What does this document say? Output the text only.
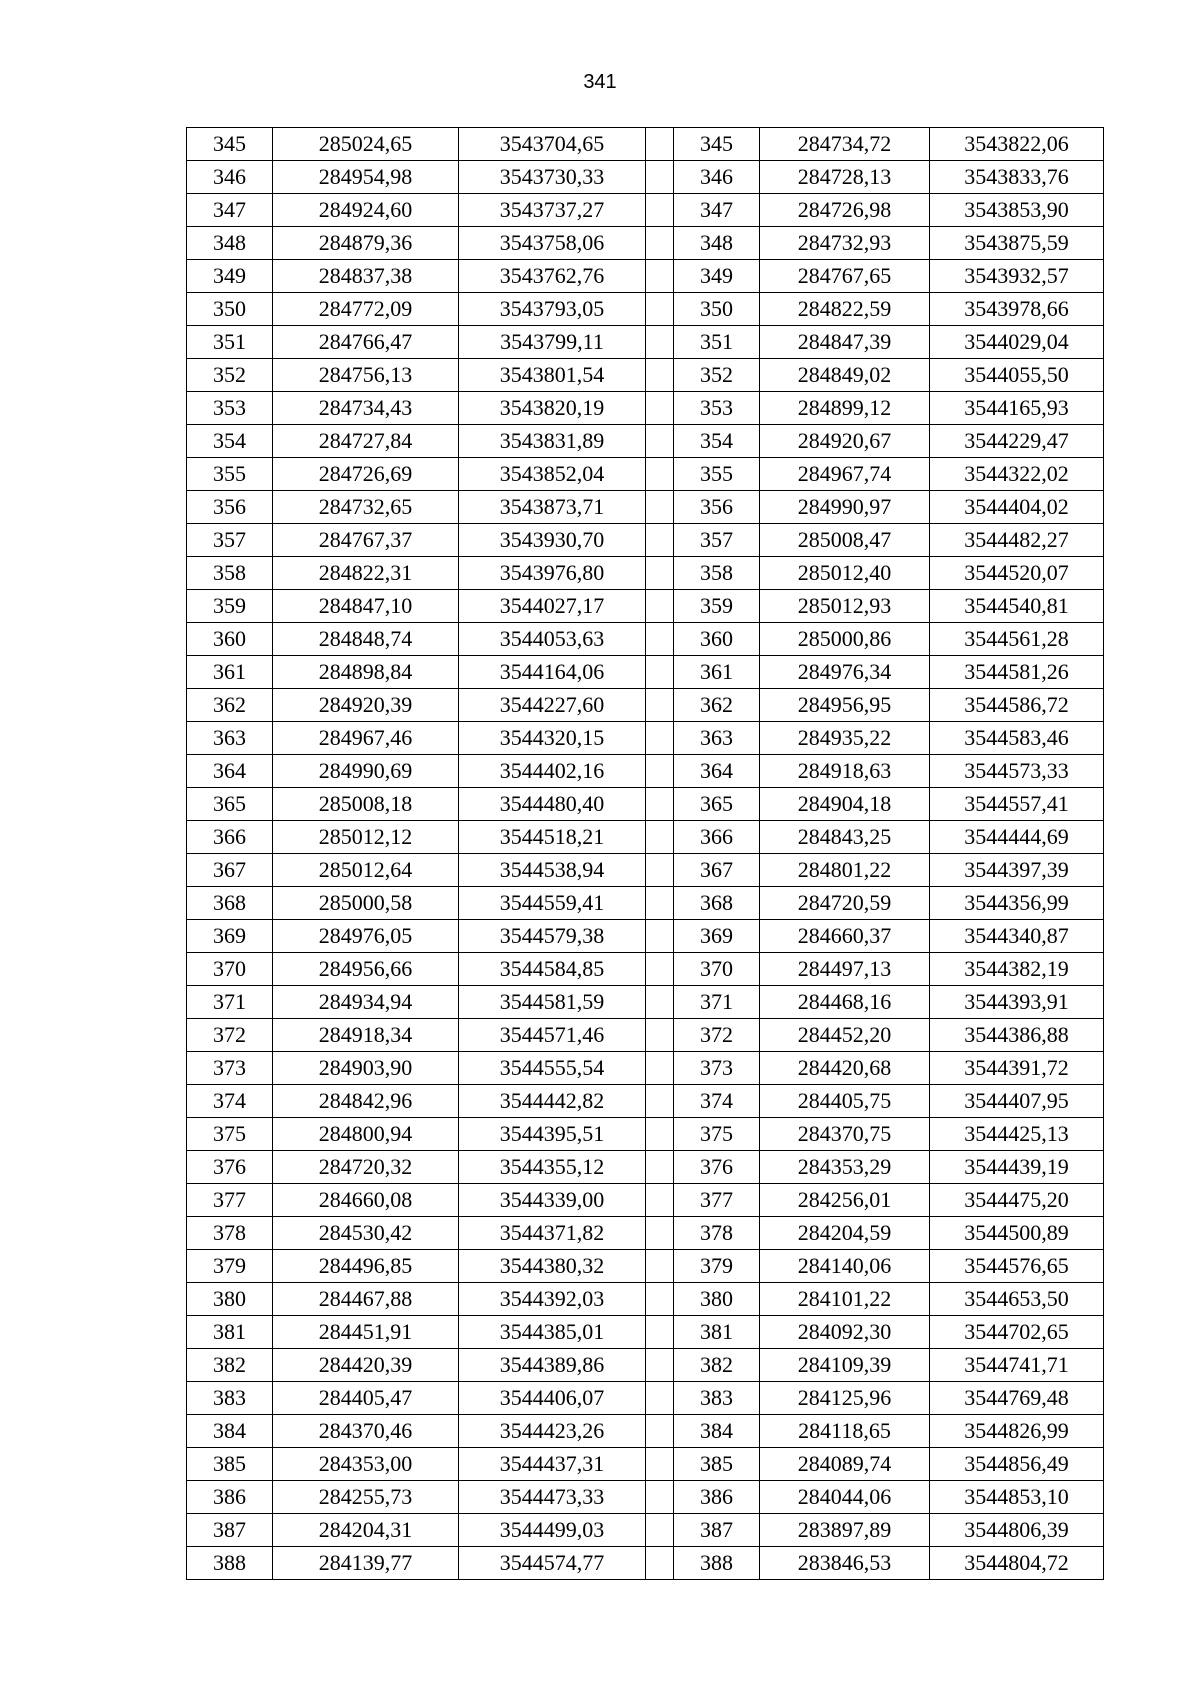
341
345	285024,65	3543704,65		345	284734,72	3543822,06
346	284954,98	3543730,33		346	284728,13	3543833,76
347	284924,60	3543737,27		347	284726,98	3543853,90
348	284879,36	3543758,06		348	284732,93	3543875,59
349	284837,38	3543762,76		349	284767,65	3543932,57
350	284772,09	3543793,05		350	284822,59	3543978,66
351	284766,47	3543799,11		351	284847,39	3544029,04
352	284756,13	3543801,54		352	284849,02	3544055,50
353	284734,43	3543820,19		353	284899,12	3544165,93
354	284727,84	3543831,89		354	284920,67	3544229,47
355	284726,69	3543852,04		355	284967,74	3544322,02
356	284732,65	3543873,71		356	284990,97	3544404,02
357	284767,37	3543930,70		357	285008,47	3544482,27
358	284822,31	3543976,80		358	285012,40	3544520,07
359	284847,10	3544027,17		359	285012,93	3544540,81
360	284848,74	3544053,63		360	285000,86	3544561,28
361	284898,84	3544164,06		361	284976,34	3544581,26
362	284920,39	3544227,60		362	284956,95	3544586,72
363	284967,46	3544320,15		363	284935,22	3544583,46
364	284990,69	3544402,16		364	284918,63	3544573,33
365	285008,18	3544480,40		365	284904,18	3544557,41
366	285012,12	3544518,21		366	284843,25	3544444,69
367	285012,64	3544538,94		367	284801,22	3544397,39
368	285000,58	3544559,41		368	284720,59	3544356,99
369	284976,05	3544579,38		369	284660,37	3544340,87
370	284956,66	3544584,85		370	284497,13	3544382,19
371	284934,94	3544581,59		371	284468,16	3544393,91
372	284918,34	3544571,46		372	284452,20	3544386,88
373	284903,90	3544555,54		373	284420,68	3544391,72
374	284842,96	3544442,82		374	284405,75	3544407,95
375	284800,94	3544395,51		375	284370,75	3544425,13
376	284720,32	3544355,12		376	284353,29	3544439,19
377	284660,08	3544339,00		377	284256,01	3544475,20
378	284530,42	3544371,82		378	284204,59	3544500,89
379	284496,85	3544380,32		379	284140,06	3544576,65
380	284467,88	3544392,03		380	284101,22	3544653,50
381	284451,91	3544385,01		381	284092,30	3544702,65
382	284420,39	3544389,86		382	284109,39	3544741,71
383	284405,47	3544406,07		383	284125,96	3544769,48
384	284370,46	3544423,26		384	284118,65	3544826,99
385	284353,00	3544437,31		385	284089,74	3544856,49
386	284255,73	3544473,33		386	284044,06	3544853,10
387	284204,31	3544499,03		387	283897,89	3544806,39
388	284139,77	3544574,77		388	283846,53	3544804,72
